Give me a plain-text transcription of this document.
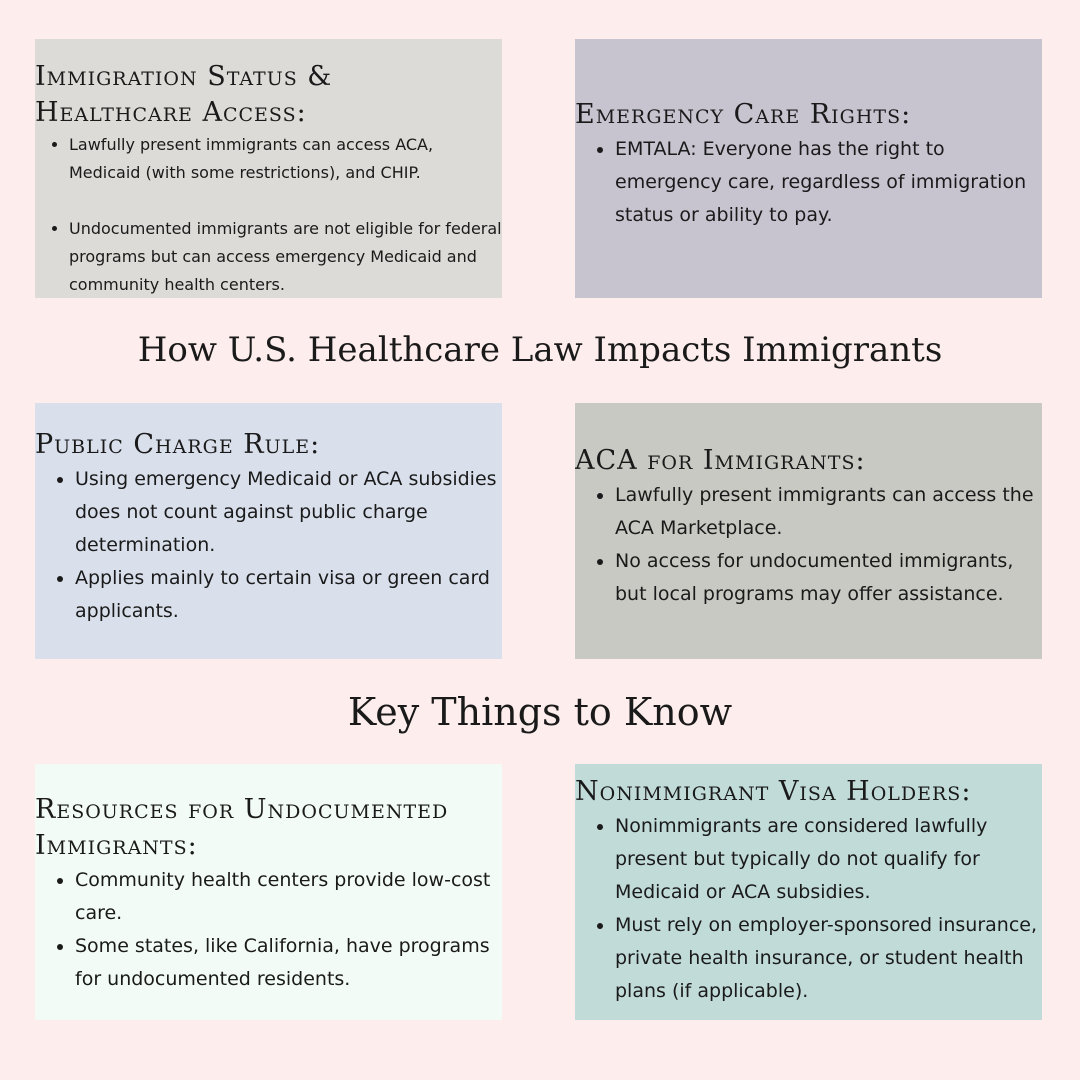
Immigration Status &
Healthcare Access:
• Lawfully present immigrants can access ACA, Medicaid (with some restrictions), and CHIP.
• Undocumented immigrants are not eligible for federal programs but can access emergency Medicaid and community health centers.
Emergency Care Rights:
• EMTALA: Everyone has the right to emergency care, regardless of immigration status or ability to pay.
How U.S. Healthcare Law Impacts Immigrants
Public Charge Rule:
• Using emergency Medicaid or ACA subsidies does not count against public charge determination.
• Applies mainly to certain visa or green card applicants.
ACA for Immigrants:
• Lawfully present immigrants can access the ACA Marketplace.
• No access for undocumented immigrants, but local programs may offer assistance.
Key Things to Know
Resources for Undocumented
Immigrants:
• Community health centers provide low-cost care.
• Some states, like California, have programs for undocumented residents.
Nonimmigrant Visa Holders:
• Nonimmigrants are considered lawfully present but typically do not qualify for Medicaid or ACA subsidies.
• Must rely on employer-sponsored insurance, private health insurance, or student health plans (if applicable).
